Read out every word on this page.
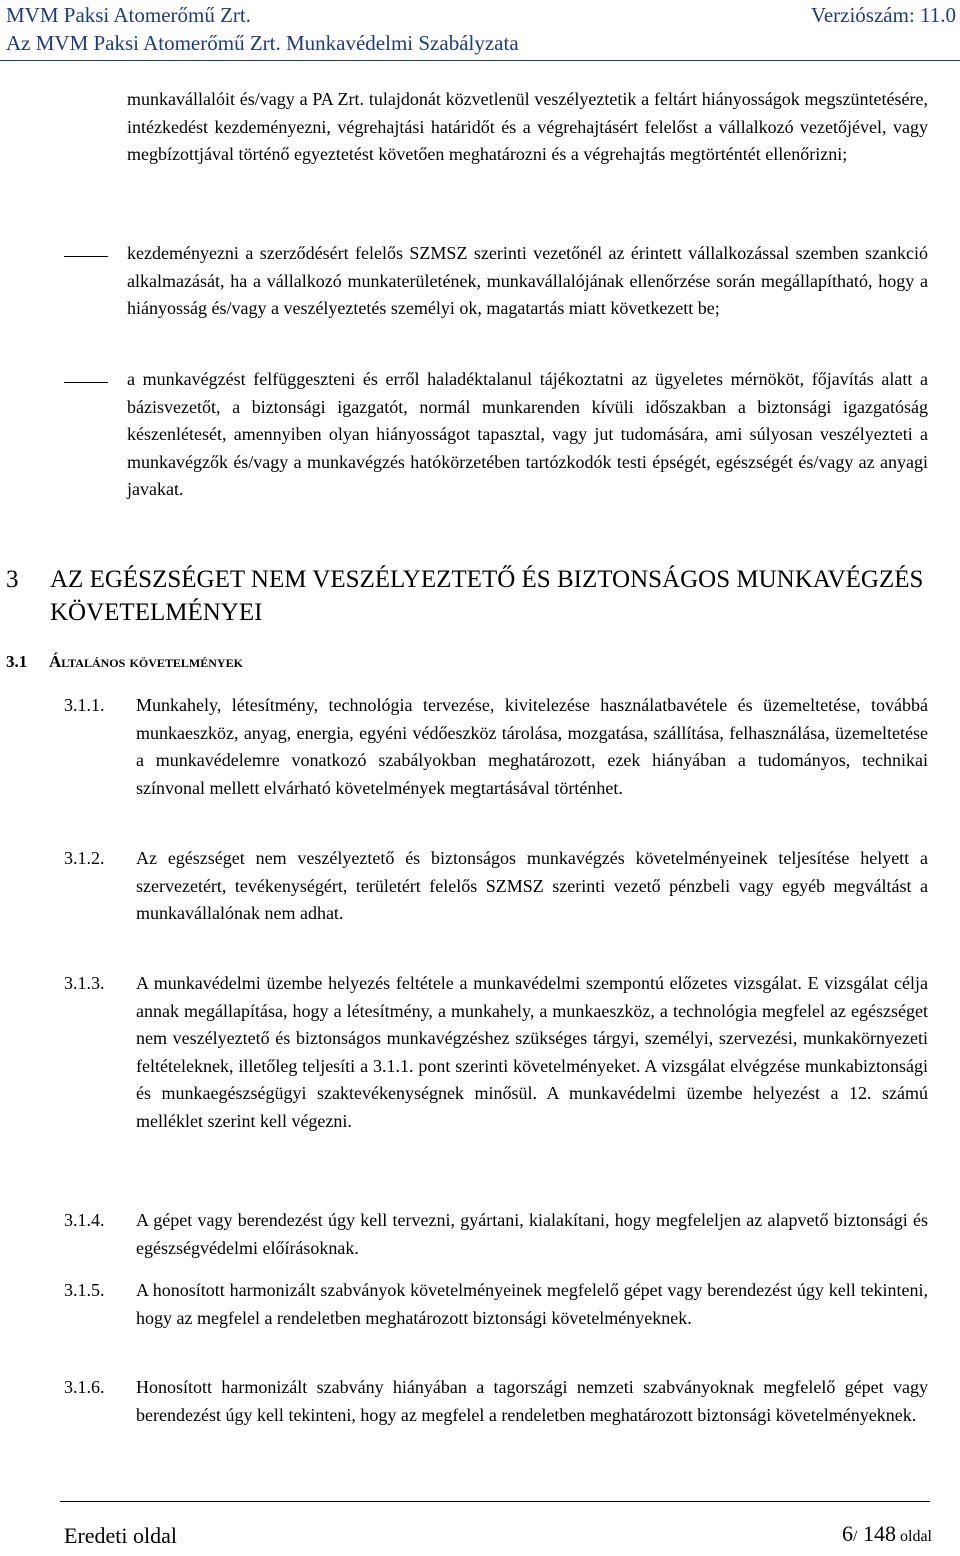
MVM Paksi Atomerőmű Zrt.	Verziószám: 11.0
Az MVM Paksi Atomerőmű Zrt. Munkavédelmi Szabályzata
munkavállalóit és/vagy a PA Zrt. tulajdonát közvetlenül veszélyeztetik a feltárt hiányosságok megszüntetésére, intézkedést kezdeményezni, végrehajtási határidőt és a végrehajtásért felelőst a vállalkozó vezetőjével, vagy megbízottjával történő egyeztetést követően meghatározni és a végrehajtás megtörténtét ellenőrizni;
kezdeményezni a szerződésért felelős SZMSZ szerinti vezetőnél az érintett vállalkozással szemben szankció alkalmazását, ha a vállalkozó munkaterületének, munkavállalójának ellenőrzése során megállapítható, hogy a hiányosság és/vagy a veszélyeztetés személyi ok, magatartás miatt következett be;
a munkavégzést felfüggeszteni és erről haladéktalanul tájékoztatni az ügyeletes mérnököt, főjavítás alatt a bázisvezetőt, a biztonsági igazgatót, normál munkarenden kívüli időszakban a biztonsági igazgatóság készenlétesét, amennyiben olyan hiányosságot tapasztal, vagy jut tudomására, ami súlyosan veszélyezteti a munkavégzők és/vagy a munkavégzés hatókörzetében tartózkodók testi épségét, egészségét és/vagy az anyagi javakat.
3 AZ EGÉSZSÉGET NEM VESZÉLYEZTETŐ ÉS BIZTONSÁGOS MUNKAVÉGZÉS KÖVETELMÉNYEI
3.1 Általános követelmények
3.1.1. Munkahely, létesítmény, technológia tervezése, kivitelezése használatbavétele és üzemeltetése, továbbá munkaeszköz, anyag, energia, egyéni védőeszköz tárolása, mozgatása, szállítása, felhasználása, üzemeltetése a munkavédelemre vonatkozó szabályokban meghatározott, ezek hiányában a tudományos, technikai színvonal mellett elvárható követelmények megtartásával történhet.
3.1.2. Az egészséget nem veszélyeztető és biztonságos munkavégzés követelményeinek teljesítése helyett a szervezetért, tevékenységért, területért felelős SZMSZ szerinti vezető pénzbeli vagy egyéb megváltást a munkavállalónak nem adhat.
3.1.3. A munkavédelmi üzembe helyezés feltétele a munkavédelmi szempontú előzetes vizsgálat. E vizsgálat célja annak megállapítása, hogy a létesítmény, a munkahely, a munkaeszköz, a technológia megfelel az egészséget nem veszélyeztető és biztonságos munkavégzéshez szükséges tárgyi, személyi, szervezési, munkakörnyezeti feltételeknek, illetőleg teljesíti a 3.1.1. pont szerinti követelményeket. A vizsgálat elvégzése munkabiztonsági és munkaegészségügyi szaktevékenységnek minősül. A munkavédelmi üzembe helyezést a 12. számú melléklet szerint kell végezni.
3.1.4. A gépet vagy berendezést úgy kell tervezni, gyártani, kialakítani, hogy megfeleljen az alapvető biztonsági és egészségvédelmi előírásoknak.
3.1.5. A honosított harmonizált szabványok követelményeinek megfelelő gépet vagy berendezést úgy kell tekinteni, hogy az megfelel a rendeletben meghatározott biztonsági követelményeknek.
3.1.6. Honosított harmonizált szabvány hiányában a tagországi nemzeti szabványoknak megfelelő gépet vagy berendezést úgy kell tekinteni, hogy az megfelel a rendeletben meghatározott biztonsági követelményeknek.
Eredeti oldal	6/ 148 oldal
